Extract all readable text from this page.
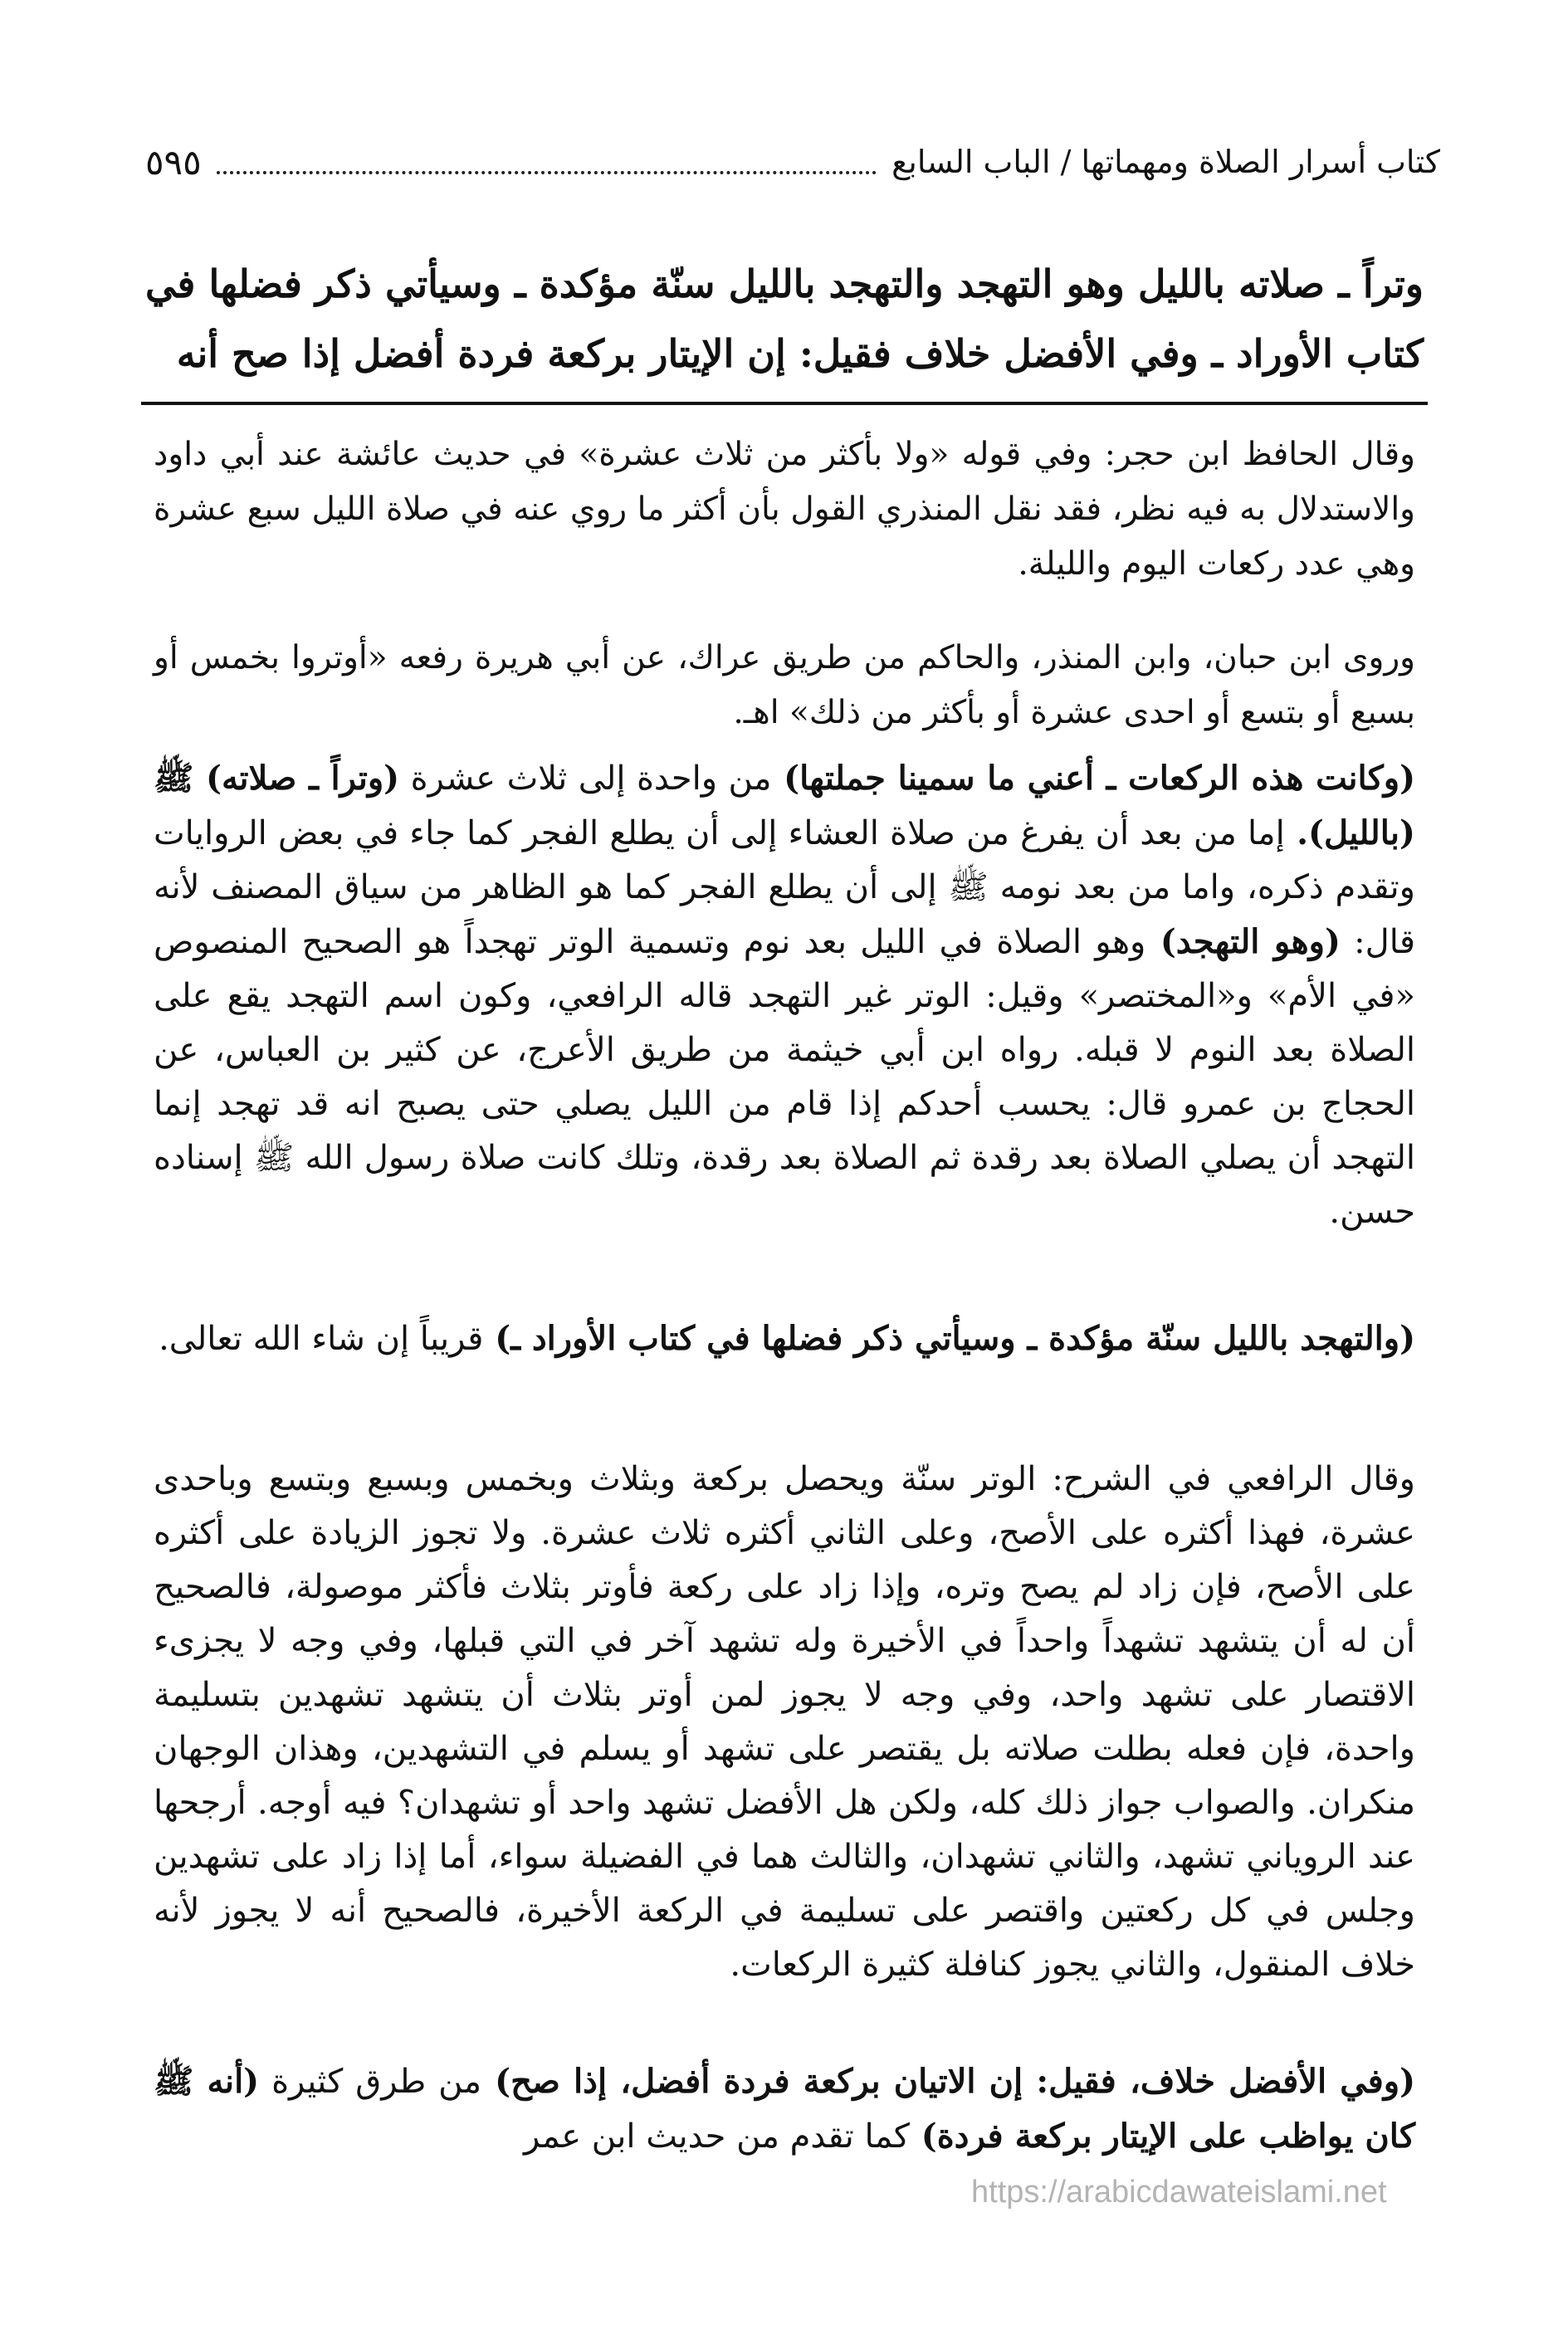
كتاب أسرار الصلاة ومهماتها / الباب السابع
٥٩٥

وتراً ـ صلاته بالليل وهو التهجد والتهجد بالليل سنّة مؤكدة ـ وسيأتي ذكر فضلها في كتاب الأوراد ـ وفي الأفضل خلاف فقيل: إن الإيتار بركعة فردة أفضل إذا صح أنه

وقال الحافظ ابن حجر: وفي قوله «ولا بأكثر من ثلاث عشرة» في حديث عائشة عند أبي داود والاستدلال به فيه نظر، فقد نقل المنذري القول بأن أكثر ما روي عنه في صلاة الليل سبع عشرة وهي عدد ركعات اليوم والليلة.

وروى ابن حبان، وابن المنذر، والحاكم من طريق عراك، عن أبي هريرة رفعه «أوتروا بخمس أو بسبع أو بتسع أو احدى عشرة أو بأكثر من ذلك» اهـ.

(وكانت هذه الركعات ـ أعني ما سمينا جملتها) من واحدة إلى ثلاث عشرة (وتراً ـ صلاته) ﷺ (بالليل). إما من بعد أن يفرغ من صلاة العشاء إلى أن يطلع الفجر كما جاء في بعض الروايات وتقدم ذكره، واما من بعد نومه ﷺ إلى أن يطلع الفجر كما هو الظاهر من سياق المصنف لأنه قال: (وهو التهجد) وهو الصلاة في الليل بعد نوم وتسمية الوتر تهجداً هو الصحيح المنصوص «في الأم» و«المختصر» وقيل: الوتر غير التهجد قاله الرافعي، وكون اسم التهجد يقع على الصلاة بعد النوم لا قبله. رواه ابن أبي خيثمة من طريق الأعرج، عن كثير بن العباس، عن الحجاج بن عمرو قال: يحسب أحدكم إذا قام من الليل يصلي حتى يصبح انه قد تهجد إنما التهجد أن يصلي الصلاة بعد رقدة ثم الصلاة بعد رقدة، وتلك كانت صلاة رسول الله ﷺ إسناده حسن.

(والتهجد بالليل سنّة مؤكدة ـ وسيأتي ذكر فضلها في كتاب الأوراد ـ) قريباً إن شاء الله تعالى.

وقال الرافعي في الشرح: الوتر سنّة ويحصل بركعة وبثلاث وبخمس وبسبع وبتسع وباحدى عشرة، فهذا أكثره على الأصح، وعلى الثاني أكثره ثلاث عشرة. ولا تجوز الزيادة على أكثره على الأصح، فإن زاد لم يصح وتره، وإذا زاد على ركعة فأوتر بثلاث فأكثر موصولة، فالصحيح أن له أن يتشهد تشهداً واحداً في الأخيرة وله تشهد آخر في التي قبلها، وفي وجه لا يجزىء الاقتصار على تشهد واحد، وفي وجه لا يجوز لمن أوتر بثلاث أن يتشهد تشهدين بتسليمة واحدة، فإن فعله بطلت صلاته بل يقتصر على تشهد أو يسلم في التشهدين، وهذان الوجهان منكران. والصواب جواز ذلك كله، ولكن هل الأفضل تشهد واحد أو تشهدان؟ فيه أوجه. أرجحها عند الروياني تشهد، والثاني تشهدان، والثالث هما في الفضيلة سواء، أما إذا زاد على تشهدين وجلس في كل ركعتين واقتصر على تسليمة في الركعة الأخيرة، فالصحيح أنه لا يجوز لأنه خلاف المنقول، والثاني يجوز كنافلة كثيرة الركعات.

(وفي الأفضل خلاف، فقيل: إن الاتيان بركعة فردة أفضل، إذا صح) من طرق كثيرة (أنه ﷺ كان يواظب على الإيتار بركعة فردة) كما تقدم من حديث ابن عمر

https://arabicdawateislami.net
